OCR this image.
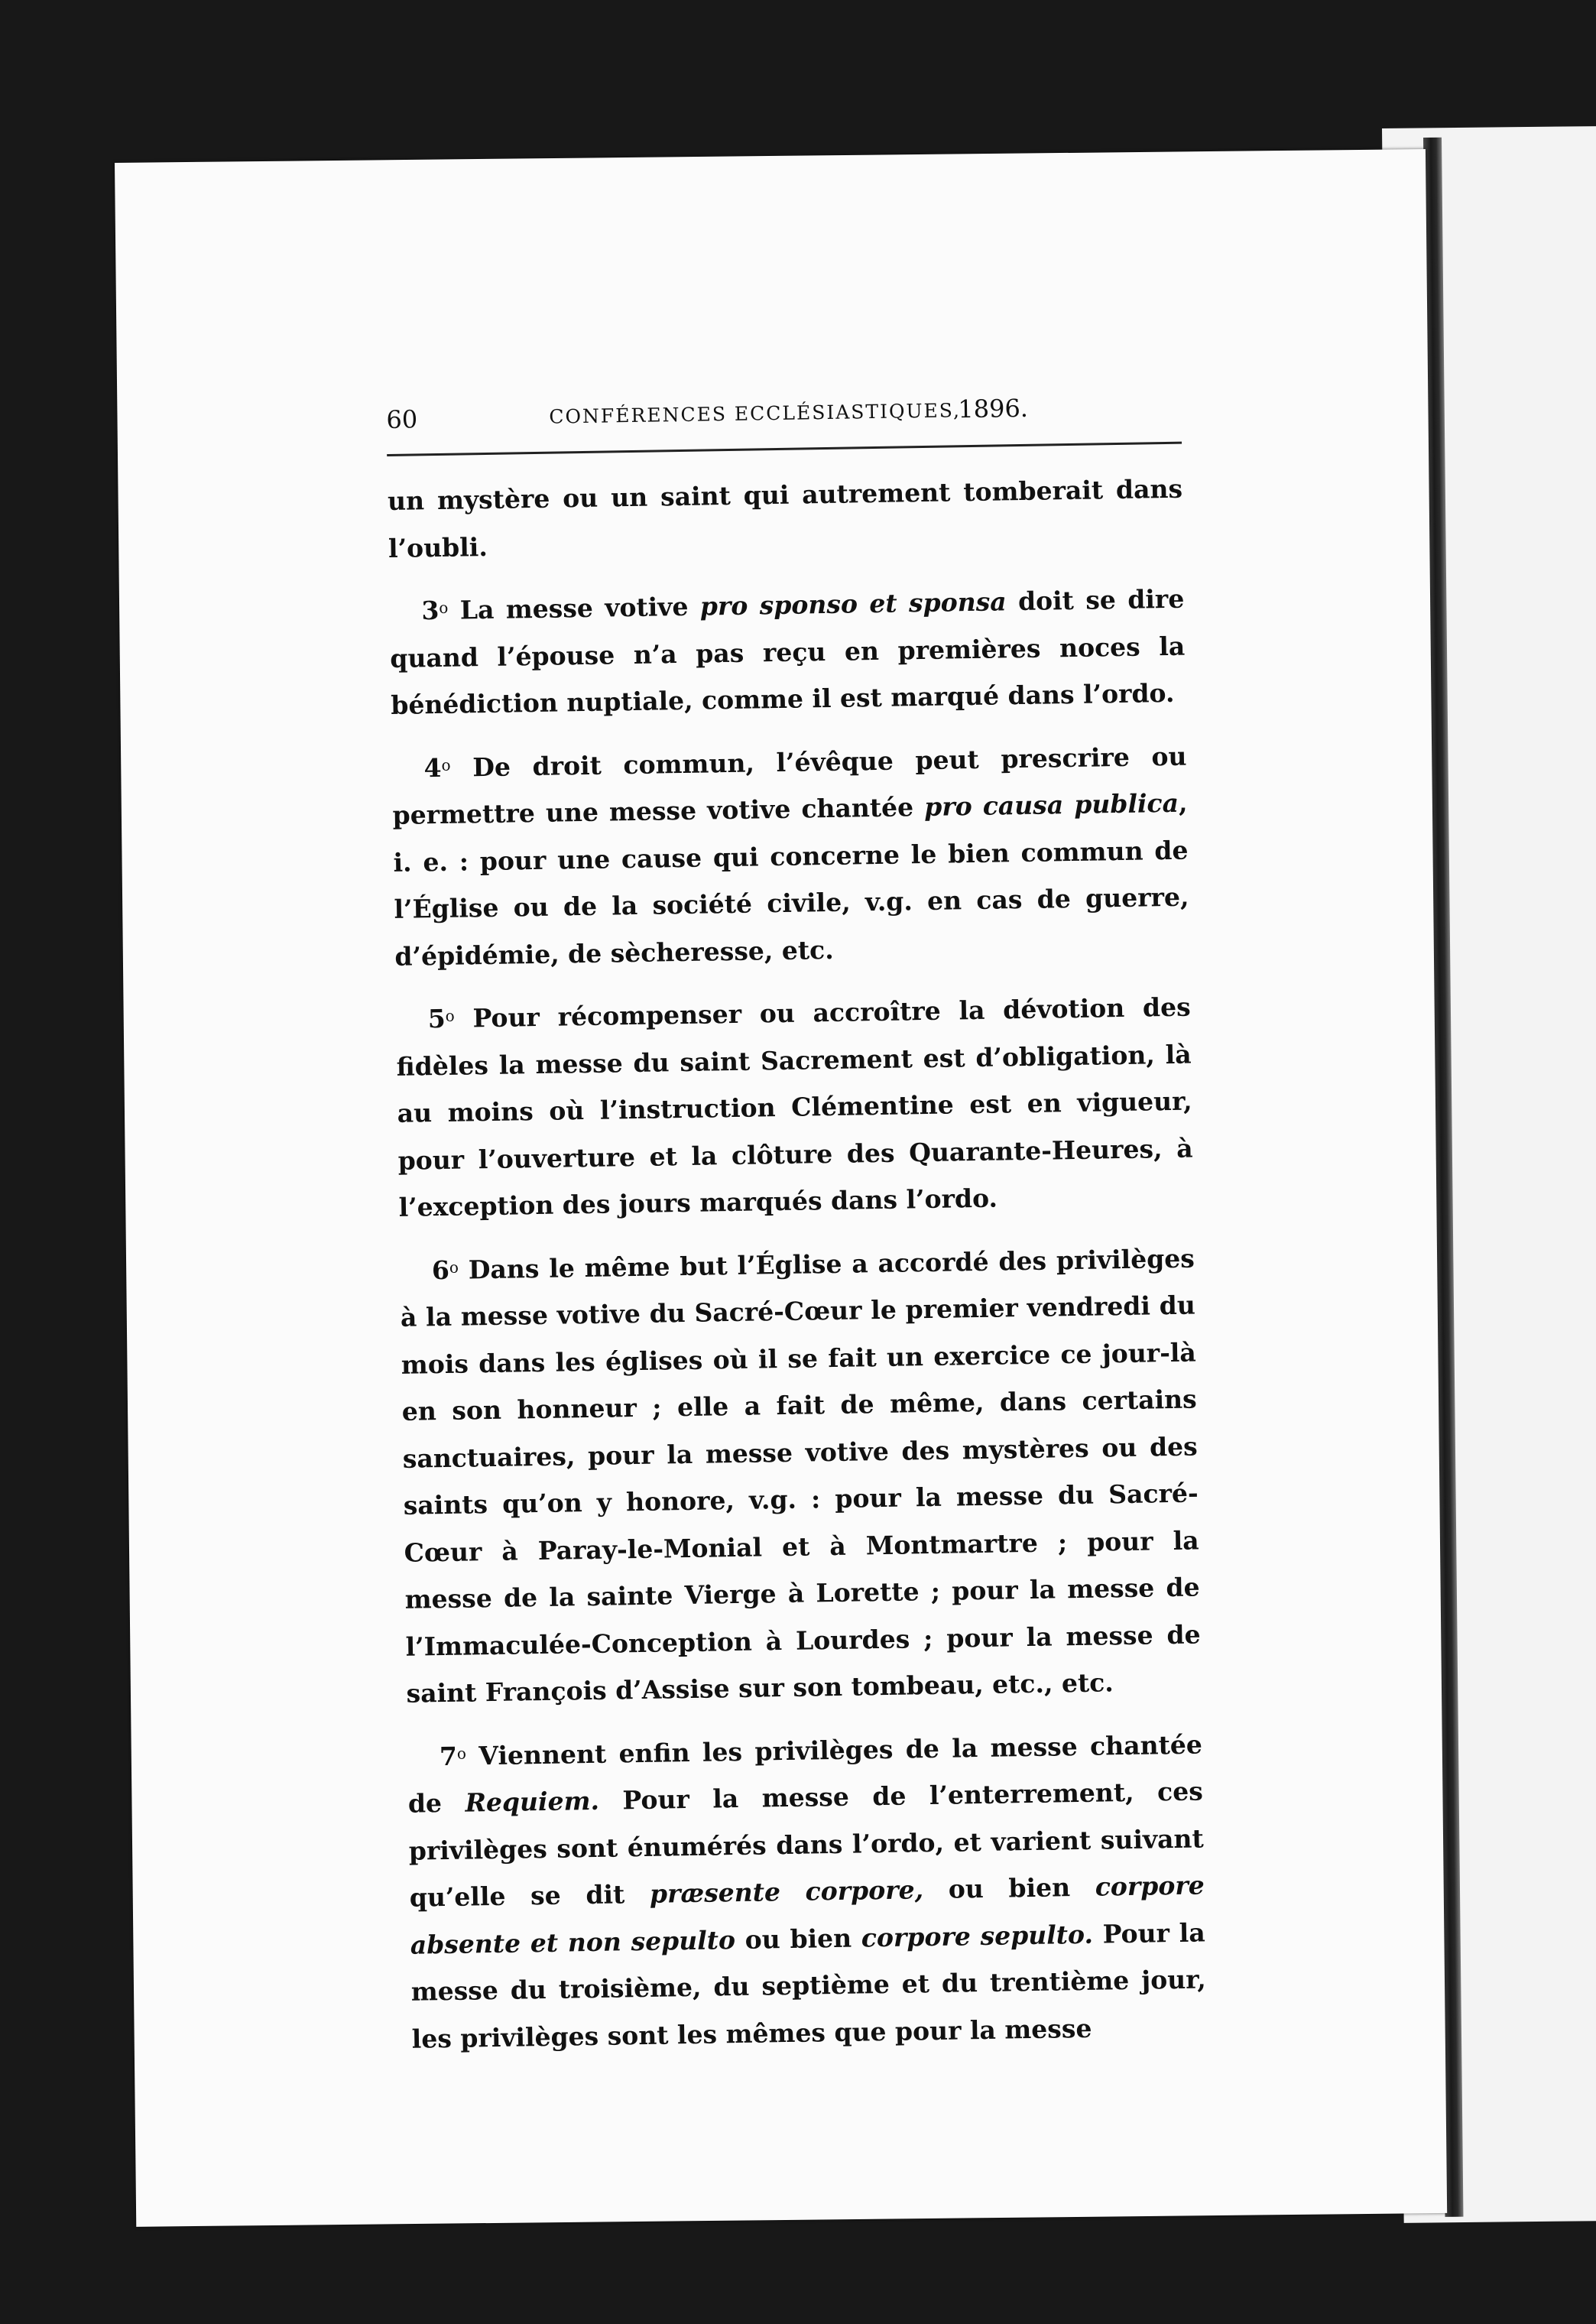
60	CONFÉRENCES ECCLÉSIASTIQUES,
1896.

un mystère ou un saint qui autrement tomberait dans l’oubli.

3$^o$ La messe votive pro sponso et sponsa doit se dire quand l’épouse n’a pas reçu en premières noces la bénédiction nuptiale, comme il est marqué dans l’ordo.

4$^o$ De droit commun, l’évêque peut prescrire ou permettre une messe votive chantée pro causa publica, i. e. : pour une cause qui concerne le bien commun de l’Église ou de la société civile, v.g. en cas de guerre, d’épidémie, de sècheresse, etc.

5$^o$ Pour récompenser ou accroître la dévotion des fidèles la messe du saint Sacrement est d’obligation, là au moins où l’instruction Clémentine est en vigueur, pour l’ouverture et la clôture des Quarante-Heures, à l’exception des jours marqués dans l’ordo.

6$^o$ Dans le même but l’Église a accordé des privilèges à la messe votive du Sacré-Cœur le premier vendredi du mois dans les églises où il se fait un exercice ce jour-là en son honneur ; elle a fait de même, dans certains sanctuaires, pour la messe votive des mystères ou des saints qu’on y honore, v.g. : pour la messe du Sacré-Cœur à Paray-le-Monial et à Montmartre ; pour la messe de la sainte Vierge à Lorette ; pour la messe de l’Immaculée-Conception à Lourdes ; pour la messe de saint François d’Assise sur son tombeau, etc., etc.

7$^o$ Viennent enfin les privilèges de la messe chantée de Requiem. Pour la messe de l’enterrement, ces privilèges sont énumérés dans l’ordo, et varient suivant qu’elle se dit præsente corpore, ou bien corpore absente et non sepulto ou bien corpore sepulto. Pour la messe du troisième, du septième et du trentième jour, les privilèges sont les mêmes que pour la messe
